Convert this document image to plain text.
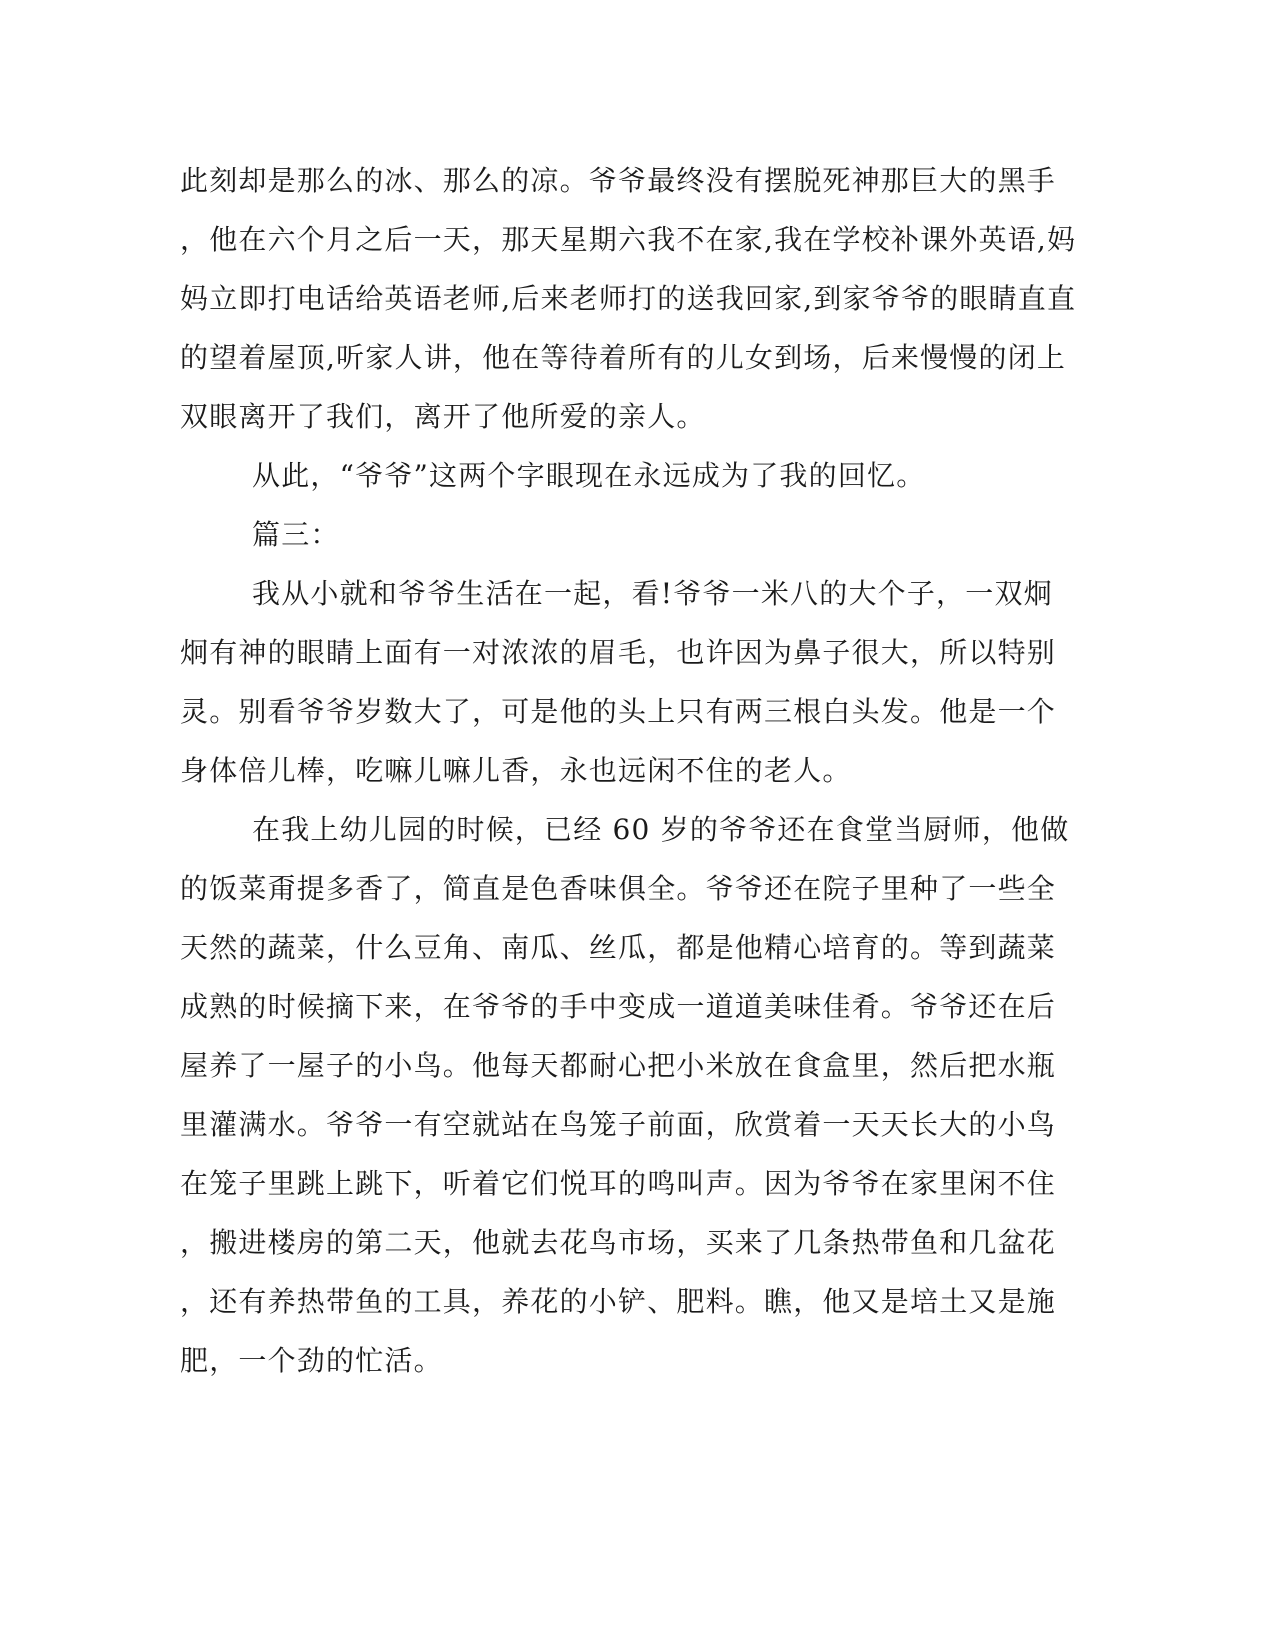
此刻却是那么的冰、那么的凉。爷爷最终没有摆脱死神那巨大的黑手
，他在六个月之后一天，那天星期六我不在家,我在学校补课外英语,妈
妈立即打电话给英语老师,后来老师打的送我回家,到家爷爷的眼睛直直
的望着屋顶,听家人讲，他在等待着所有的儿女到场，后来慢慢的闭上
双眼离开了我们，离开了他所爱的亲人。
从此，“爷爷”这两个字眼现在永远成为了我的回忆。
篇三：
我从小就和爷爷生活在一起，看!爷爷一米八的大个子，一双炯
炯有神的眼睛上面有一对浓浓的眉毛，也许因为鼻子很大，所以特别
灵。别看爷爷岁数大了，可是他的头上只有两三根白头发。他是一个
身体倍儿棒，吃嘛儿嘛儿香，永也远闲不住的老人。
在我上幼儿园的时候，已经 60 岁的爷爷还在食堂当厨师，他做
的饭菜甭提多香了，简直是色香味俱全。爷爷还在院子里种了一些全
天然的蔬菜，什么豆角、南瓜、丝瓜，都是他精心培育的。等到蔬菜
成熟的时候摘下来，在爷爷的手中变成一道道美味佳肴。爷爷还在后
屋养了一屋子的小鸟。他每天都耐心把小米放在食盒里，然后把水瓶
里灌满水。爷爷一有空就站在鸟笼子前面，欣赏着一天天长大的小鸟
在笼子里跳上跳下，听着它们悦耳的鸣叫声。因为爷爷在家里闲不住
，搬进楼房的第二天，他就去花鸟市场，买来了几条热带鱼和几盆花
，还有养热带鱼的工具，养花的小铲、肥料。瞧，他又是培土又是施
肥，一个劲的忙活。
